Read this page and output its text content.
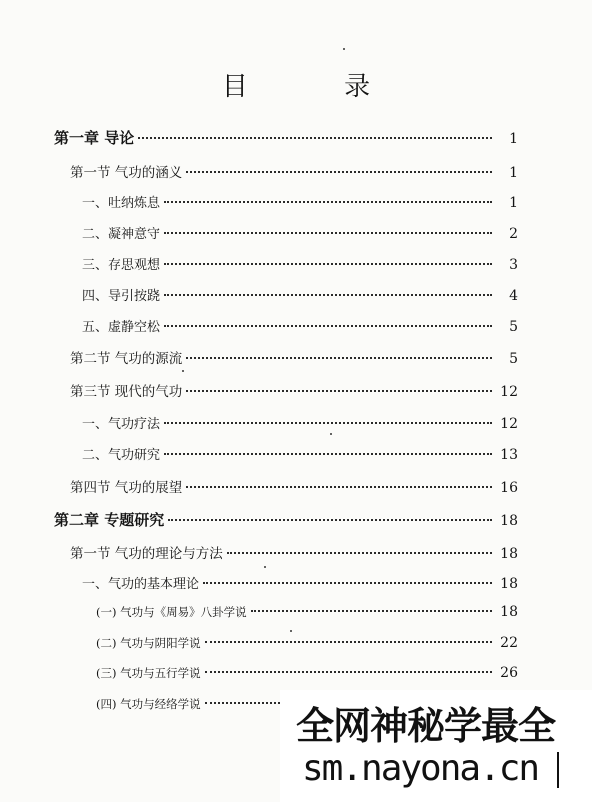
目 录
第一章 导论	1
第一节 气功的涵义	1
一、吐纳炼息	1
二、凝神意守	2
三、存思观想	3
四、导引按跷	4
五、虚静空松	5
第二节 气功的源流	5
第三节 现代的气功	12
一、气功疗法	12
二、气功研究	13
第四节 气功的展望	16
第二章 专题研究	18
第一节 气功的理论与方法	18
一、气功的基本理论	18
(一) 气功与《周易》八卦学说	18
(二) 气功与阴阳学说	22
(三) 气功与五行学说	26
(四) 气功与经络学说	全网神秘学最全
sm.nayona.cn
